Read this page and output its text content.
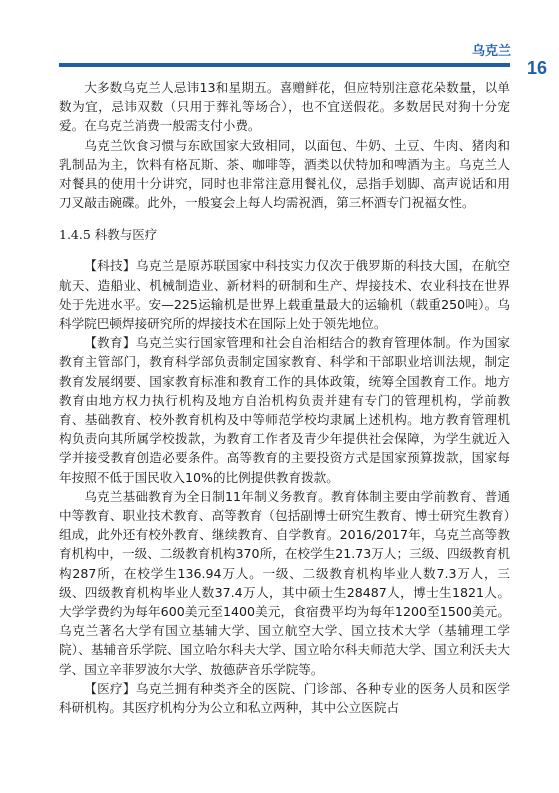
乌克兰
16

大多数乌克兰人忌讳13和星期五。喜赠鲜花，但应特别注意花朵数量，以单数为宜，忌讳双数（只用于葬礼等场合），也不宜送假花。多数居民对狗十分宠爱。在乌克兰消费一般需支付小费。

乌克兰饮食习惯与东欧国家大致相同，以面包、牛奶、土豆、牛肉、猪肉和乳制品为主，饮料有格瓦斯、茶、咖啡等，酒类以伏特加和啤酒为主。乌克兰人对餐具的使用十分讲究，同时也非常注意用餐礼仪，忌指手划脚、高声说话和用刀叉敲击碗碟。此外，一般宴会上每人均需祝酒，第三杯酒专门祝福女性。

1.4.5 科教与医疗

【科技】乌克兰是原苏联国家中科技实力仅次于俄罗斯的科技大国，在航空航天、造船业、机械制造业、新材料的研制和生产、焊接技术、农业科技在世界处于先进水平。安—225运输机是世界上载重量最大的运输机（载重250吨）。乌科学院巴顿焊接研究所的焊接技术在国际上处于领先地位。

【教育】乌克兰实行国家管理和社会自治相结合的教育管理体制。作为国家教育主管部门，教育科学部负责制定国家教育、科学和干部职业培训法规，制定教育发展纲要、国家教育标准和教育工作的具体政策，统筹全国教育工作。地方教育由地方权力执行机构及地方自治机构负责并建有专门的管理机构，学前教育、基础教育、校外教育机构及中等师范学校均隶属上述机构。地方教育管理机构负责向其所属学校拨款，为教育工作者及青少年提供社会保障，为学生就近入学并接受教育创造必要条件。高等教育的主要投资方式是国家预算拨款，国家每年按照不低于国民收入10%的比例提供教育拨款。

乌克兰基础教育为全日制11年制义务教育。教育体制主要由学前教育、普通中等教育、职业技术教育、高等教育（包括副博士研究生教育、博士研究生教育）组成，此外还有校外教育、继续教育、自学教育。2016/2017年，乌克兰高等教育机构中，一级、二级教育机构370所，在校学生21.73万人；三级、四级教育机构287所，在校学生136.94万人。一级、二级教育机构毕业人数7.3万人，三级、四级教育机构毕业人数37.4万人，其中硕士生28487人，博士生1821人。大学学费约为每年600美元至1400美元，食宿费平均为每年1200至1500美元。乌克兰著名大学有国立基辅大学、国立航空大学、国立技术大学（基辅理工学院）、基辅音乐学院、国立哈尔科夫大学、国立哈尔科夫师范大学、国立利沃夫大学、国立辛菲罗波尔大学、敖德萨音乐学院等。

【医疗】乌克兰拥有种类齐全的医院、门诊部、各种专业的医务人员和医学科研机构。其医疗机构分为公立和私立两种，其中公立医院占
